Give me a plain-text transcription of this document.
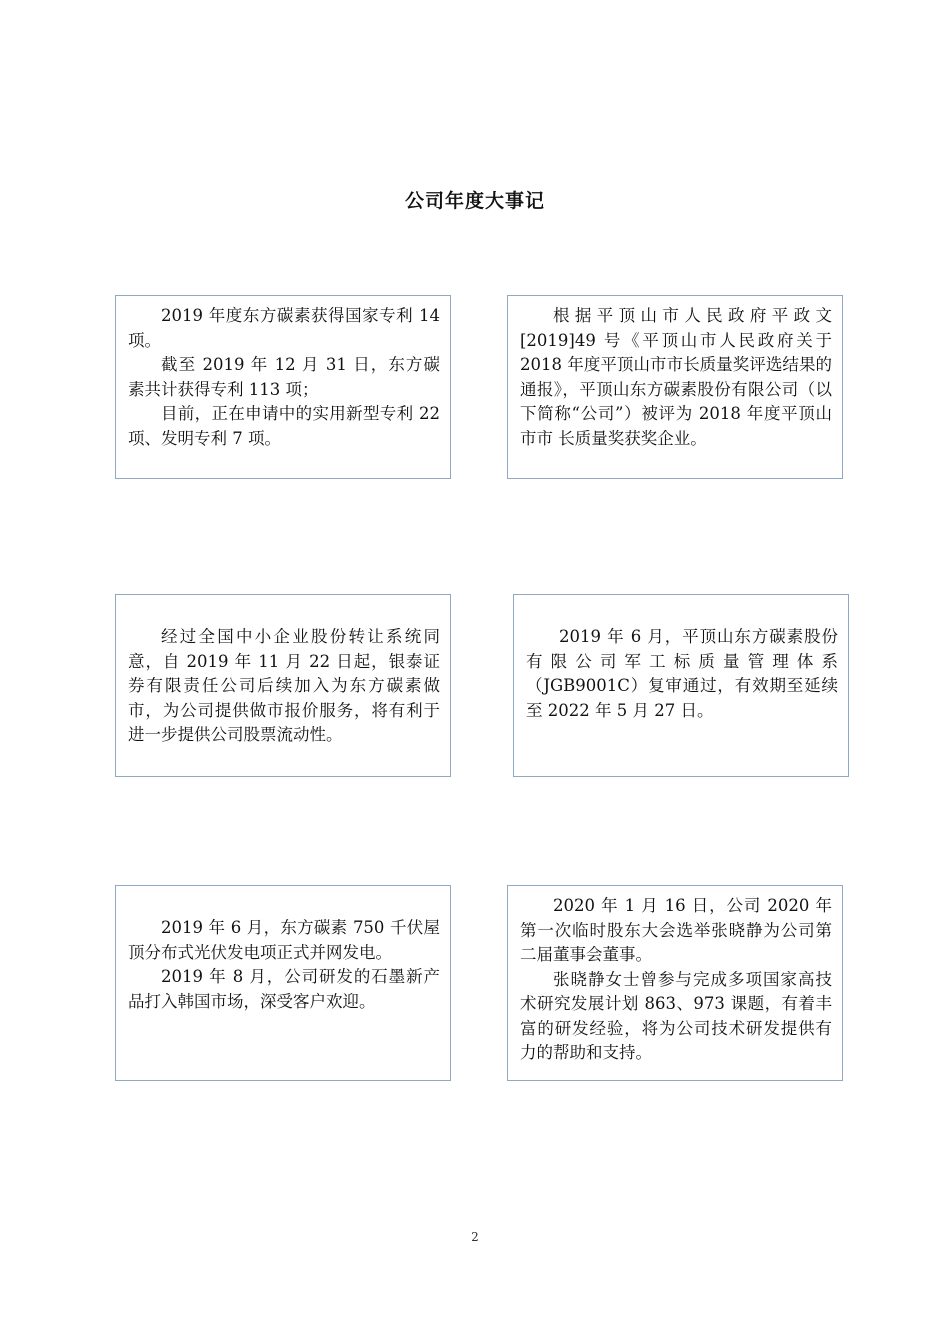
公司年度大事记

2019 年度东方碳素获得国家专利 14 项。

截至 2019 年 12 月 31 日，东方碳素共计获得专利 113 项；

目前，正在申请中的实用新型专利 22 项、发明专利 7 项。

根据平顶山市人民政府平政文[2019]49 号《平顶山市人民政府关于 2018 年度平顶山市市长质量奖评选结果的通报》，平顶山东方碳素股份有限公司（以下简称“公司”）被评为 2018 年度平顶山市市 长质量奖获奖企业。

经过全国中小企业股份转让系统同意，自 2019 年 11 月 22 日起，银泰证券有限责任公司后续加入为东方碳素做市，为公司提供做市报价服务，将有利于进一步提供公司股票流动性。

2019 年 6 月，平顶山东方碳素股份有限公司军工标质量管理体系（JGB9001C）复审通过，有效期至延续至 2022 年 5 月 27 日。

2019 年 6 月，东方碳素 750 千伏屋顶分布式光伏发电项正式并网发电。

2019 年 8 月，公司研发的石墨新产品打入韩国市场，深受客户欢迎。

2020 年 1 月 16 日，公司 2020 年第一次临时股东大会选举张晓静为公司第二届董事会董事。

张晓静女士曾参与完成多项国家高技术研究发展计划 863、973 课题，有着丰富的研发经验，将为公司技术研发提供有力的帮助和支持。

2
